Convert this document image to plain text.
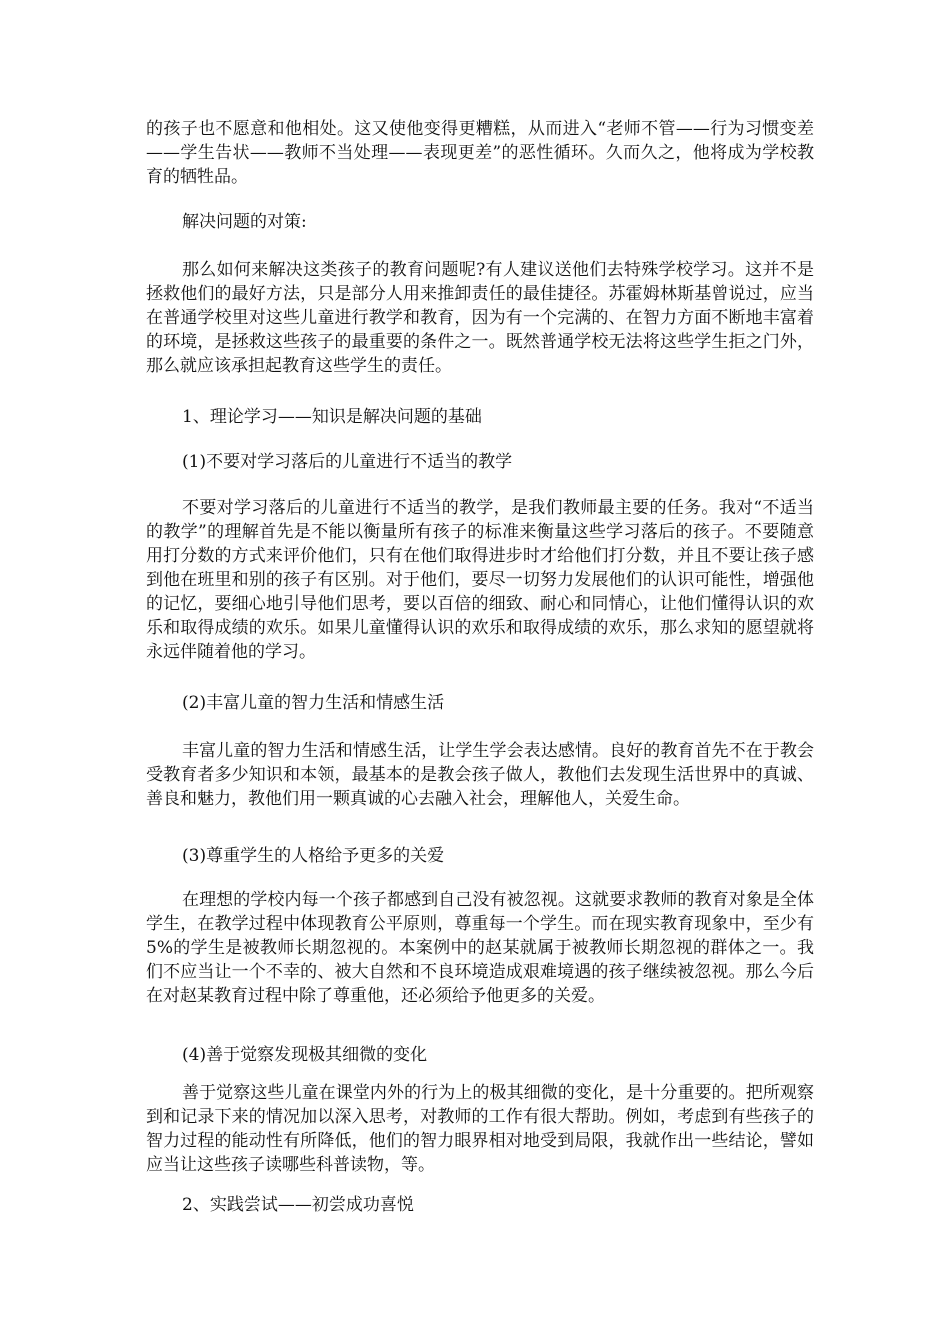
的孩子也不愿意和他相处。这又使他变得更糟糕，从而进入“老师不管——行为习惯变差——学生告状——教师不当处理——表现更差”的恶性循环。久而久之，他将成为学校教育的牺牲品。

解决问题的对策:

那么如何来解决这类孩子的教育问题呢?有人建议送他们去特殊学校学习。这并不是拯救他们的最好方法，只是部分人用来推卸责任的最佳捷径。苏霍姆林斯基曾说过，应当在普通学校里对这些儿童进行教学和教育，因为有一个完满的、在智力方面不断地丰富着的环境，是拯救这些孩子的最重要的条件之一。既然普通学校无法将这些学生拒之门外，那么就应该承担起教育这些学生的责任。

1、理论学习——知识是解决问题的基础

(1)不要对学习落后的儿童进行不适当的教学

不要对学习落后的儿童进行不适当的教学，是我们教师最主要的任务。我对“不适当的教学”的理解首先是不能以衡量所有孩子的标准来衡量这些学习落后的孩子。不要随意用打分数的方式来评价他们，只有在他们取得进步时才给他们打分数，并且不要让孩子感到他在班里和别的孩子有区别。对于他们，要尽一切努力发展他们的认识可能性，增强他的记忆，要细心地引导他们思考，要以百倍的细致、耐心和同情心，让他们懂得认识的欢乐和取得成绩的欢乐。如果儿童懂得认识的欢乐和取得成绩的欢乐，那么求知的愿望就将永远伴随着他的学习。

(2)丰富儿童的智力生活和情感生活

丰富儿童的智力生活和情感生活，让学生学会表达感情。良好的教育首先不在于教会受教育者多少知识和本领，最基本的是教会孩子做人，教他们去发现生活世界中的真诚、善良和魅力，教他们用一颗真诚的心去融入社会，理解他人，关爱生命。

(3)尊重学生的人格给予更多的关爱

在理想的学校内每一个孩子都感到自己没有被忽视。这就要求教师的教育对象是全体学生，在教学过程中体现教育公平原则，尊重每一个学生。而在现实教育现象中，至少有5%的学生是被教师长期忽视的。本案例中的赵某就属于被教师长期忽视的群体之一。我们不应当让一个不幸的、被大自然和不良环境造成艰难境遇的孩子继续被忽视。那么今后在对赵某教育过程中除了尊重他，还必须给予他更多的关爱。

(4)善于觉察发现极其细微的变化

善于觉察这些儿童在课堂内外的行为上的极其细微的变化，是十分重要的。把所观察到和记录下来的情况加以深入思考，对教师的工作有很大帮助。例如，考虑到有些孩子的智力过程的能动性有所降低，他们的智力眼界相对地受到局限，我就作出一些结论，譬如应当让这些孩子读哪些科普读物，等。

2、实践尝试——初尝成功喜悦
